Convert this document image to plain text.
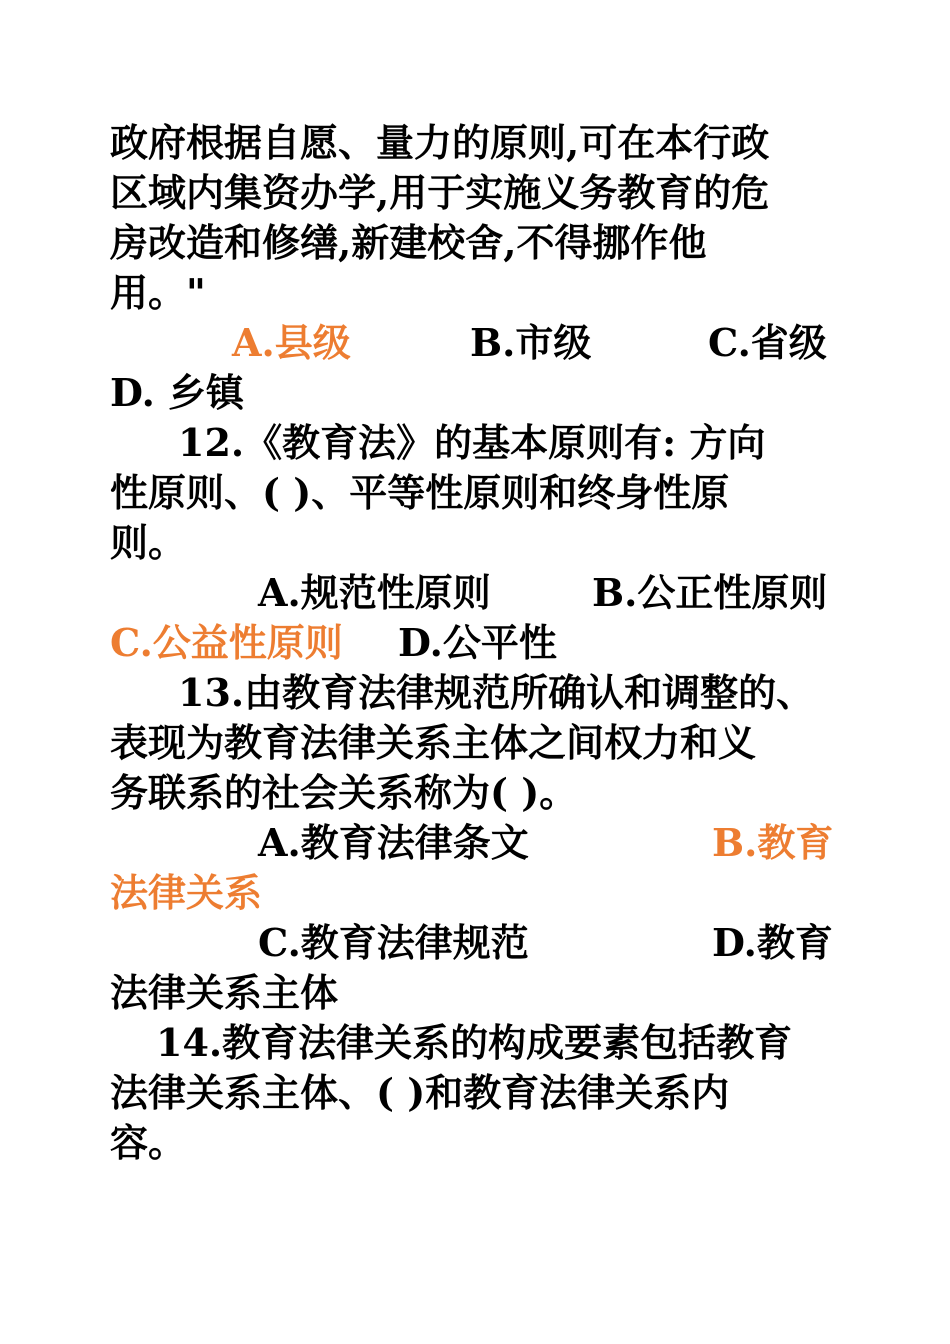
政府根据自愿、量力的原则,可在本行政
区域内集资办学,用于实施义务教育的危
房改造和修缮,新建校舍,不得挪作他
用。"
A.县级	B.市级	C.省级
D. 乡镇
12.《教育法》的基本原则有: 方向
性原则、( )、平等性原则和终身性原
则。
A.规范性原则	B.公正性原则
C.公益性原则 D.公平性
13.由教育法律规范所确认和调整的、
表现为教育法律关系主体之间权力和义
务联系的社会关系称为( )。
A.教育法律条文	B.教育
法律关系
C.教育法律规范	D.教育
法律关系主体
14.教育法律关系的构成要素包括教育
法律关系主体、( )和教育法律关系内
容。
